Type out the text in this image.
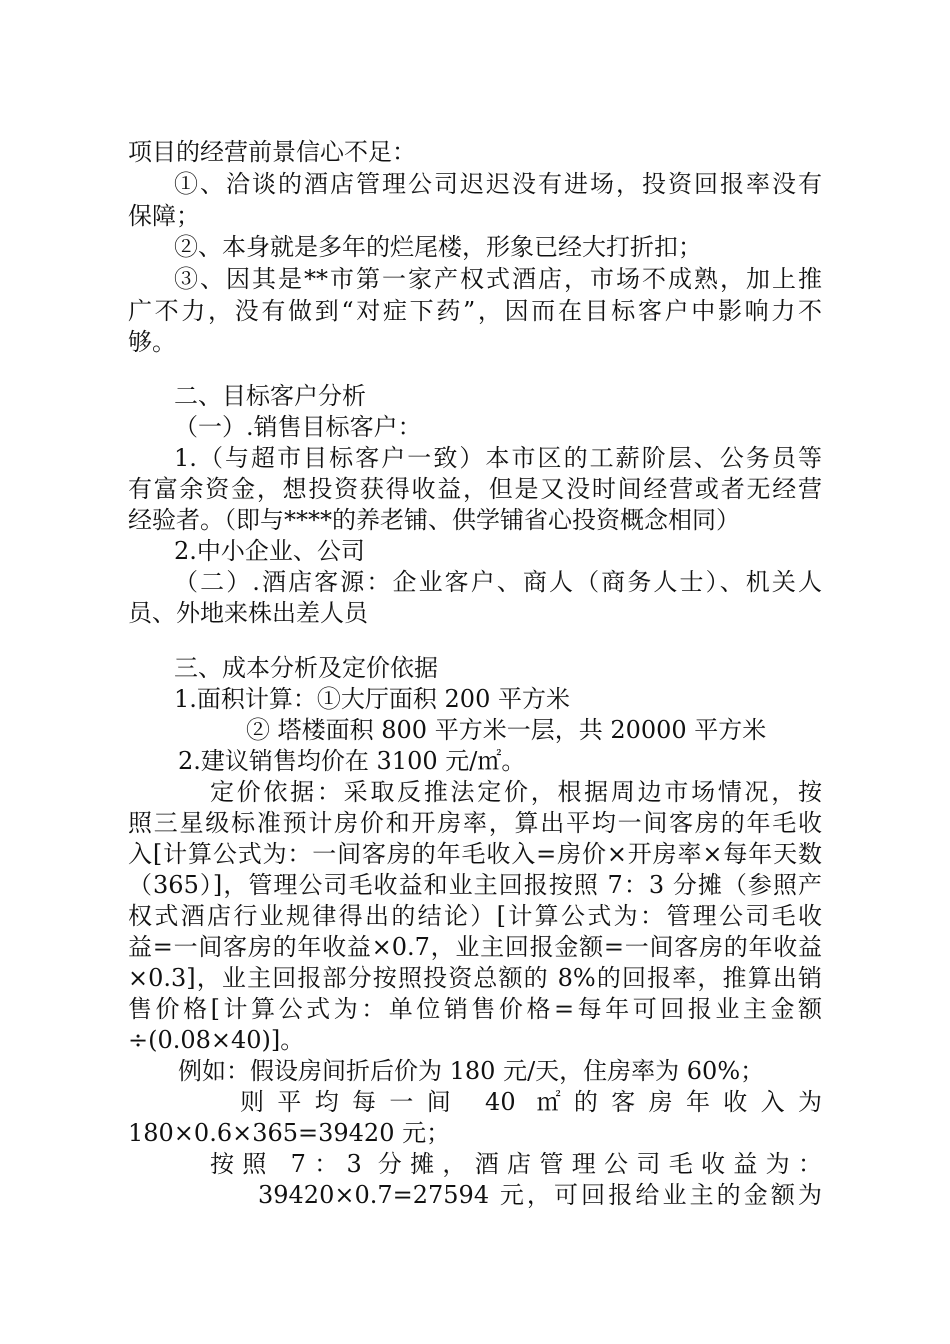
项目的经营前景信心不足：
①、洽谈的酒店管理公司迟迟没有进场，投资回报率没有
保障；
②、本身就是多年的烂尾楼，形象已经大打折扣；
③、因其是**市第一家产权式酒店，市场不成熟，加上推
广不力，没有做到“对症下药”，因而在目标客户中影响力不
够。
二、目标客户分析
（一）.销售目标客户：
1.（与超市目标客户一致）本市区的工薪阶层、公务员等
有富余资金，想投资获得收益，但是又没时间经营或者无经营
经验者。（即与****的养老铺、供学铺省心投资概念相同）
2.中小企业、公司
（二）.酒店客源：企业客户、商人（商务人士）、机关人
员、外地来株出差人员
三、成本分析及定价依据
1.面积计算：①大厅面积 200 平方米
② 塔楼面积 800 平方米一层，共 20000 平方米
2.建议销售均价在 3100 元/㎡。
定价依据：采取反推法定价，根据周边市场情况，按
照三星级标准预计房价和开房率，算出平均一间客房的年毛收
入[计算公式为：一间客房的年毛收入=房价×开房率×每年天数
（365）]，管理公司毛收益和业主回报按照 7：3 分摊（参照产
权式酒店行业规律得出的结论）[计算公式为：管理公司毛收
益=一间客房的年收益×0.7，业主回报金额=一间客房的年收益
×0.3]，业主回报部分按照投资总额的 8%的回报率，推算出销
售价格[计算公式为：单位销售价格=每年可回报业主金额
÷(0.08×40)]。
例如：假设房间折后价为 180 元/天，住房率为 60%；
则平均每一间 40 ㎡的客房年收入为
180×0.6×365=39420 元；
按照 7：3 分摊，酒店管理公司毛收益为：
39420×0.7=27594 元，可回报给业主的金额为
